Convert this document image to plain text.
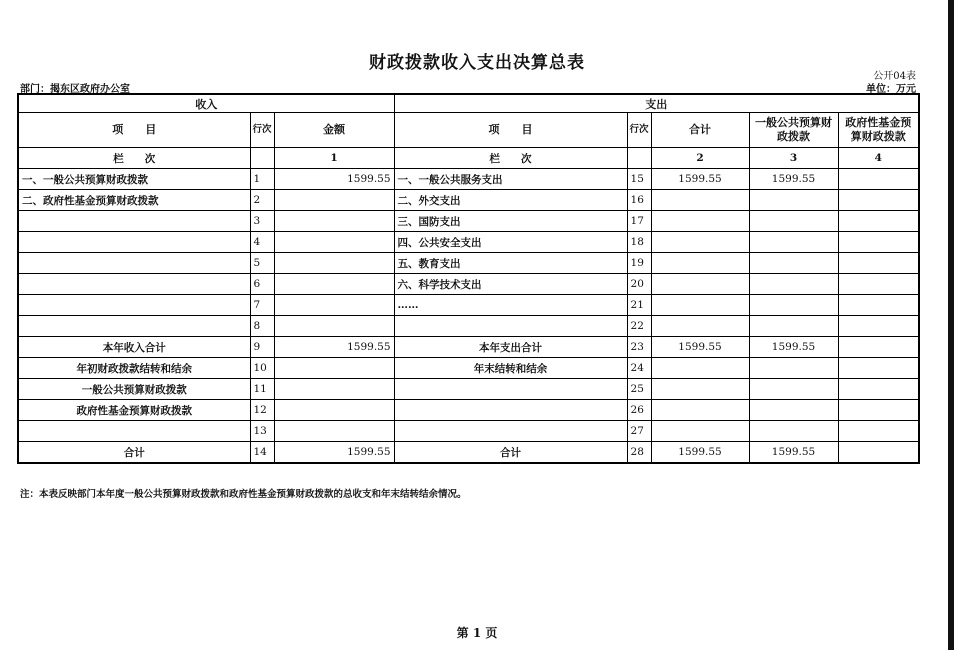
财政拨款收入支出决算总表
公开04表
单位：万元
部门：揭东区政府办公室
收入			支出				
项　　目	行次	金额	项　　目	行次	合计	一般公共预算财政拨款	政府性基金预算财政拨款
栏　　次		1	栏　　次		2	3	4
一、一般公共预算财政拨款	1	1599.55	一、一般公共服务支出	15	1599.55	1599.55	
二、政府性基金预算财政拨款	2		二、外交支出	16			
	3		三、国防支出	17			
	4		四、公共安全支出	18			
	5		五、教育支出	19			
	6		六、科学技术支出	20			
	7		……	21			
	8			22			
本年收入合计	9	1599.55	本年支出合计	23	1599.55	1599.55	
年初财政拨款结转和结余	10		年末结转和结余	24			
一般公共预算财政拨款	11			25			
政府性基金预算财政拨款	12			26			
	13			27			
合计	14	1599.55	合计	28	1599.55	1599.55	
注：本表反映部门本年度一般公共预算财政拨款和政府性基金预算财政拨款的总收支和年末结转结余情况。
第 1 页
